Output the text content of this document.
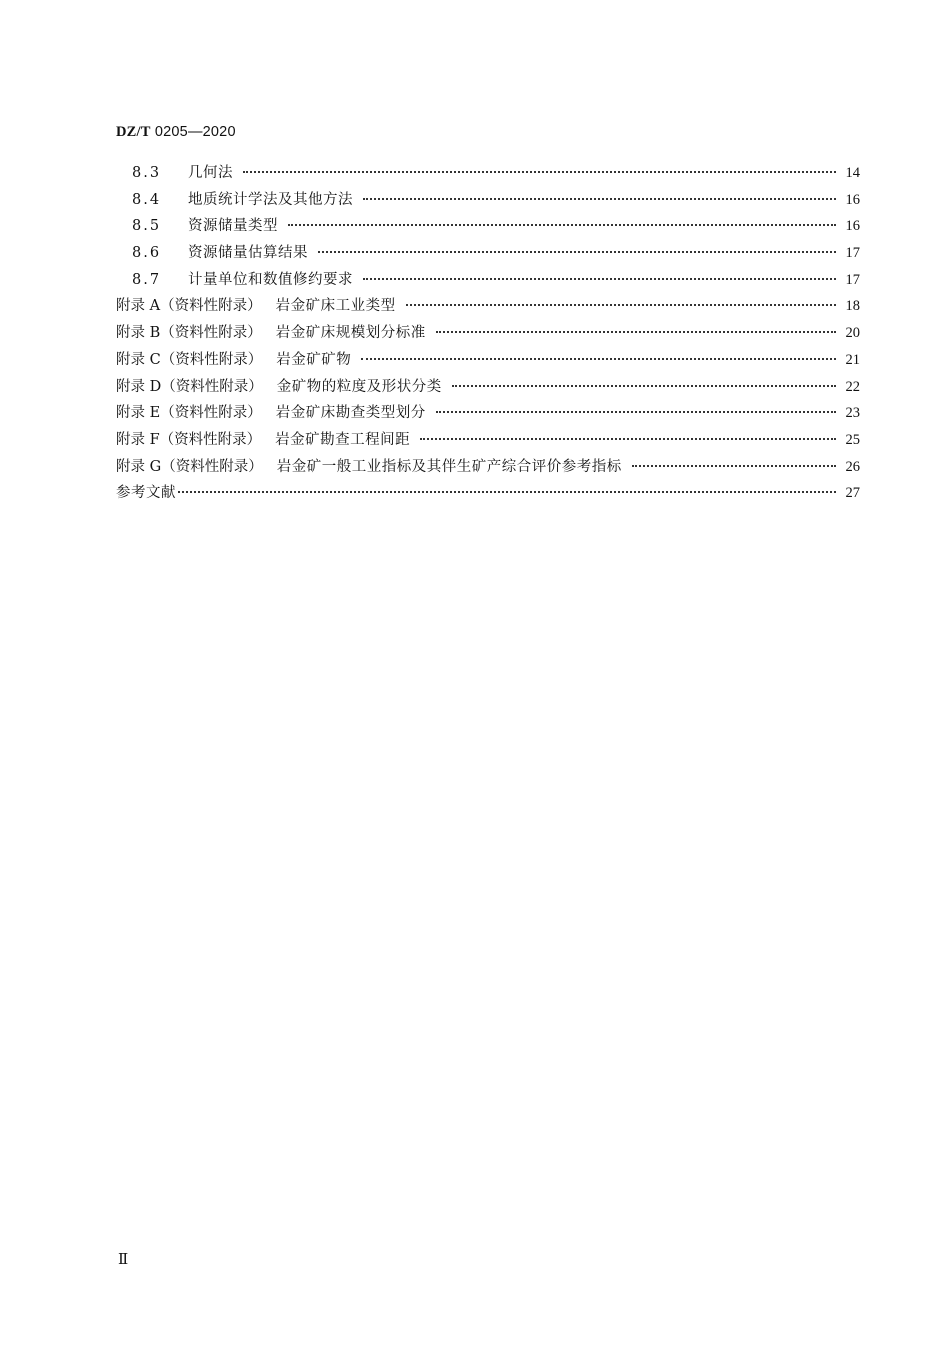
DZ/T 0205—2020
8.3	几何法	14
8.4	地质统计学法及其他方法	16
8.5	资源储量类型	16
8.6	资源储量估算结果	17
8.7	计量单位和数值修约要求	17
附录 A（资料性附录） 岩金矿床工业类型	18
附录 B（资料性附录） 岩金矿床规模划分标准	20
附录 C（资料性附录） 岩金矿矿物	21
附录 D（资料性附录） 金矿物的粒度及形状分类	22
附录 E（资料性附录） 岩金矿床勘查类型划分	23
附录 F（资料性附录） 岩金矿勘查工程间距	25
附录 G（资料性附录） 岩金矿一般工业指标及其伴生矿产综合评价参考指标	26
参考文献	27
Ⅱ
